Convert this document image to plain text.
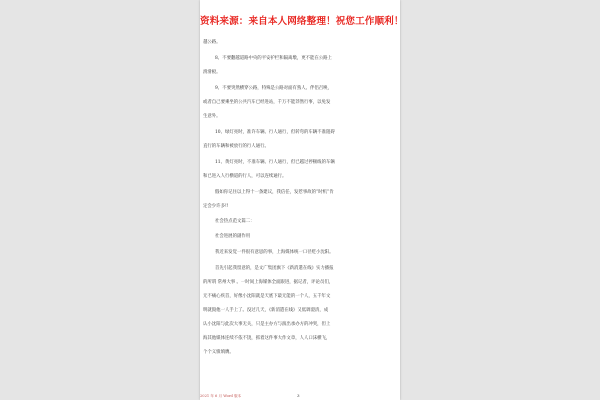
资料来源：来自本人网络整理！祝您工作顺利！
越公路。
8、不要翻越道路中央的平安护栏和隔离墩，更不能在公路上
滑滑板。
9、不要突然横穿公路，特殊是公路对面有熟人、伴侣召唤，
或者自己要乘坐的公共汽车已经进站，千万不能莽然行事，以免发
生意外。
10、绿灯亮时，准许车辆、行人通行，但转弯的车辆不准阻碍
直行的车辆和被放行的行人通行。
11、黄灯亮时，不准车辆、行人通行，但已越过停顿线的车辆
和已进入人行横道的行人，可以连续通行。
假如你记住以上得十一条建议，我信任，发惹事故的“时机”肯
定会少许多!!
社会热点范文篇二：
社会进展的副作用
我近来发觉一件很有意思的事，上海媒体统一口径贬小沈阳。
首先引起我留意的，是文广集团旗下《新消遣在线》实力播报
的所谓 常州大事 。一时间上海媒体全面跟进，据记者，评论员们，
无不痛心疾首，好像小沈阳就是天底下最无能的一个人，五千年文
明就毁他一人手上了。没过几天，《新消遣在线》又低调澄清，成
认小沈阳与此次大事无关，只是主办方与演出承办方的冲突，但上
海其他媒体连续不依不饶，抓着这件事大作文章，人人口沫横飞，
个个义愤填膺。
2021 年 6 月 Word 版本	3
